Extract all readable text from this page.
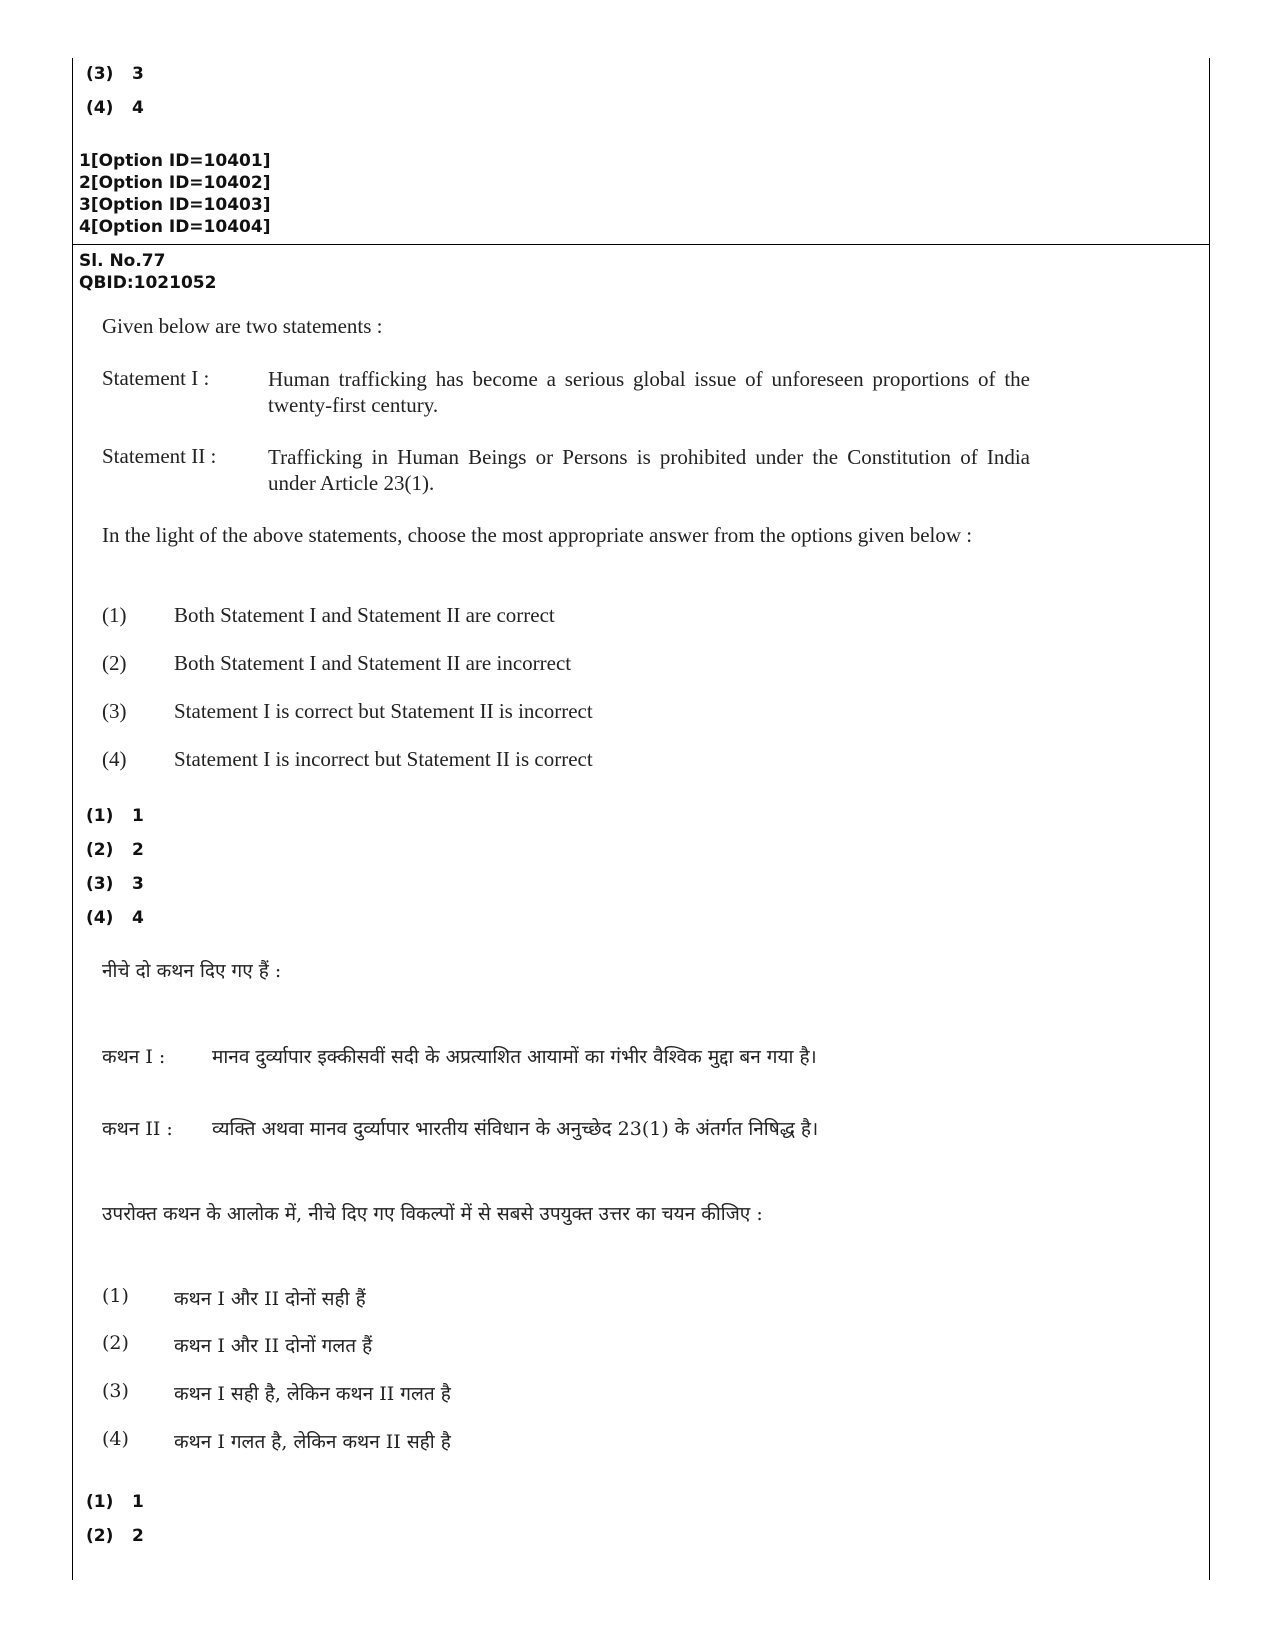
(3) 3
(4) 4
1[Option ID=10401]
2[Option ID=10402]
3[Option ID=10403]
4[Option ID=10404]
Sl. No.77
QBID:1021052
Given below are two statements :
Statement I :	Human trafficking has become a serious global issue of unforeseen proportions of the twenty-first century.
Statement II : Trafficking in Human Beings or Persons is prohibited under the Constitution of India under Article 23(1).
In the light of the above statements, choose the most appropriate answer from the options given below :
(1) Both Statement I and Statement II are correct
(2) Both Statement I and Statement II are incorrect
(3) Statement I is correct but Statement II is incorrect
(4) Statement I is incorrect but Statement II is correct
(1) 1
(2) 2
(3) 3
(4) 4
नीचे दो कथन दिए गए हैं :
कथन I : मानव दुर्व्यापार इक्कीसवीं सदी के अप्रत्याशित आयामों का गंभीर वैश्विक मुद्दा बन गया है।
कथन II : व्यक्ति अथवा मानव दुर्व्यापार भारतीय संविधान के अनुच्छेद 23(1) के अंतर्गत निषिद्ध है।
उपरोक्त कथन के आलोक में, नीचे दिए गए विकल्पों में से सबसे उपयुक्त उत्तर का चयन कीजिए :
(1) कथन I और II दोनों सही हैं
(2) कथन I और II दोनों गलत हैं
(3) कथन I सही है, लेकिन कथन II गलत है
(4) कथन I गलत है, लेकिन कथन II सही है
(1) 1
(2) 2
